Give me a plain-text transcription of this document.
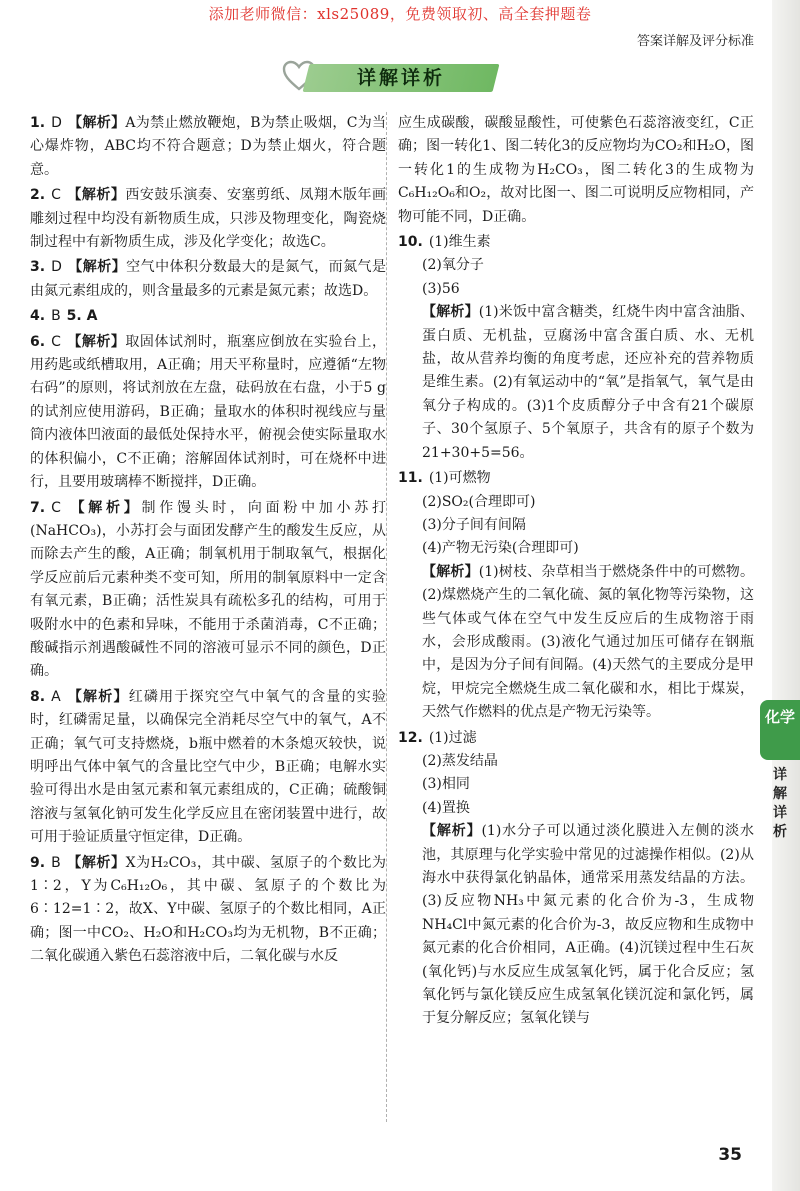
添加老师微信：xls25089，免费领取初、高全套押题卷
答案详解及评分标准
详解详析
1. D 【解析】A为禁止燃放鞭炮，B为禁止吸烟，C为当心爆炸物，ABC均不符合题意；D为禁止烟火，符合题意。
2. C 【解析】西安鼓乐演奏、安塞剪纸、凤翔木版年画雕刻过程中均没有新物质生成，只涉及物理变化，陶瓷烧制过程中有新物质生成，涉及化学变化；故选C。
3. D 【解析】空气中体积分数最大的是氮气，而氮气是由氮元素组成的，则含量最多的元素是氮元素；故选D。
4. B 5. A
6. C 【解析】取固体试剂时，瓶塞应倒放在实验台上，用药匙或纸槽取用，A正确；用天平称量时，应遵循“左物右码”的原则，将试剂放在左盘，砝码放在右盘，小于5 g的试剂应使用游码，B正确；量取水的体积时视线应与量筒内液体凹液面的最低处保持水平，俯视会使实际量取水的体积偏小，C不正确；溶解固体试剂时，可在烧杯中进行，且要用玻璃棒不断搅拌，D正确。
7. C 【解析】制作馒头时，向面粉中加小苏打(NaHCO₃)，小苏打会与面团发酵产生的酸发生反应，从而除去产生的酸，A正确；制氧机用于制取氧气，根据化学反应前后元素种类不变可知，所用的制氧原料中一定含有氧元素，B正确；活性炭具有疏松多孔的结构，可用于吸附水中的色素和异味，不能用于杀菌消毒，C不正确；酸碱指示剂遇酸碱性不同的溶液可显示不同的颜色，D正确。
8. A 【解析】红磷用于探究空气中氧气的含量的实验时，红磷需足量，以确保完全消耗尽空气中的氧气，A不正确；氧气可支持燃烧，b瓶中燃着的木条熄灭较快，说明呼出气体中氧气的含量比空气中少，B正确；电解水实验可得出水是由氢元素和氧元素组成的，C正确；硫酸铜溶液与氢氧化钠可发生化学反应且在密闭装置中进行，故可用于验证质量守恒定律，D正确。
9. B 【解析】X为H₂CO₃，其中碳、氢原子的个数比为1∶2，Y为C₆H₁₂O₆，其中碳、氢原子的个数比为6∶12=1∶2，故X、Y中碳、氢原子的个数比相同，A正确；图一中CO₂、H₂O和H₂CO₃均为无机物，B不正确；二氧化碳通入紫色石蕊溶液中后，二氧化碳与水反
应生成碳酸，碳酸显酸性，可使紫色石蕊溶液变红，C正确；图一转化1、图二转化3的反应物均为CO₂和H₂O，图一转化1的生成物为H₂CO₃，图二转化3的生成物为C₆H₁₂O₆和O₂，故对比图一、图二可说明反应物相同，产物可能不同，D正确。
10. (1)维生素
(2)氧分子
(3)56
【解析】(1)米饭中富含糖类，红烧牛肉中富含油脂、蛋白质、无机盐，豆腐汤中富含蛋白质、水、无机盐，故从营养均衡的角度考虑，还应补充的营养物质是维生素。(2)有氧运动中的“氧”是指氧气，氧气是由氧分子构成的。(3)1个皮质醇分子中含有21个碳原子、30个氢原子、5个氧原子，共含有的原子个数为21+30+5=56。
11. (1)可燃物
(2)SO₂(合理即可)
(3)分子间有间隔
(4)产物无污染(合理即可)
【解析】(1)树枝、杂草相当于燃烧条件中的可燃物。(2)煤燃烧产生的二氧化硫、氮的氧化物等污染物，这些气体或气体在空气中发生反应后的生成物溶于雨水，会形成酸雨。(3)液化气通过加压可储存在钢瓶中，是因为分子间有间隔。(4)天然气的主要成分是甲烷，甲烷完全燃烧生成二氧化碳和水，相比于煤炭，天然气作燃料的优点是产物无污染等。
12. (1)过滤
(2)蒸发结晶
(3)相同
(4)置换
【解析】(1)水分子可以通过淡化膜进入左侧的淡水池，其原理与化学实验中常见的过滤操作相似。(2)从海水中获得氯化钠晶体，通常采用蒸发结晶的方法。(3)反应物NH₃中氮元素的化合价为-3，生成物NH₄Cl中氮元素的化合价为-3，故反应物和生成物中氮元素的化合价相同，A正确。(4)沉镁过程中生石灰(氧化钙)与水反应生成氢氧化钙，属于化合反应；氢氧化钙与氯化镁反应生成氢氧化镁沉淀和氯化钙，属于复分解反应；氢氧化镁与
化学
详解详析
35
